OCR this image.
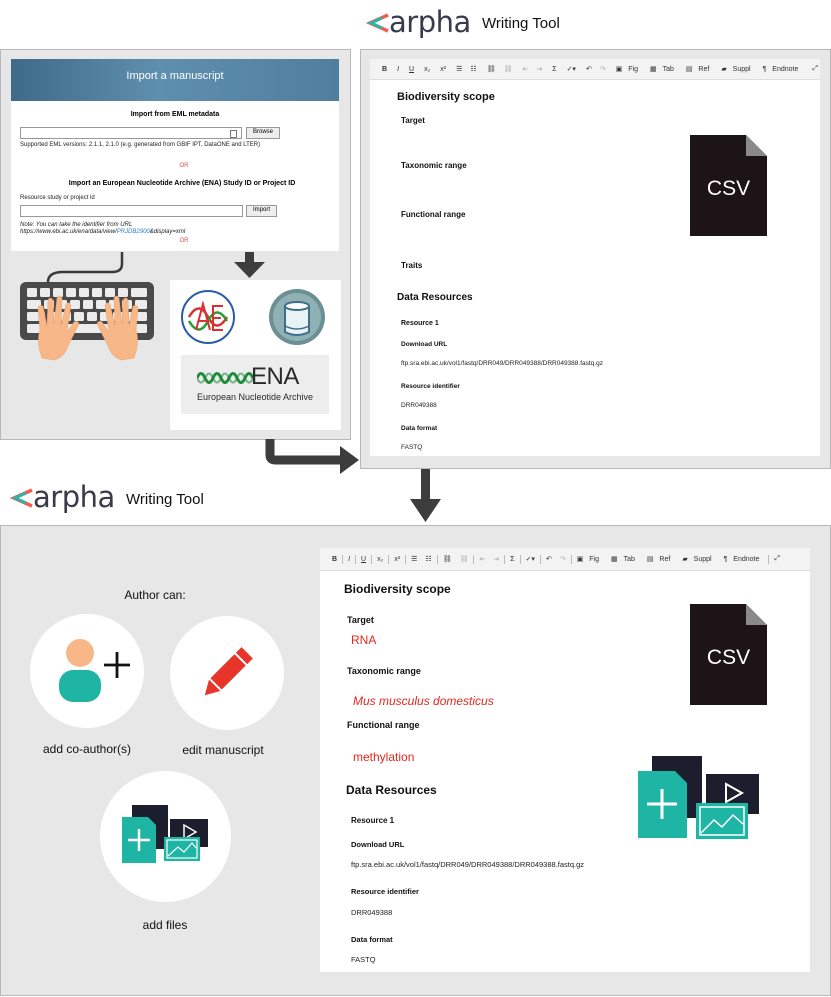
arpha Writing Tool
Import a manuscript
Import from EML metadata
Browse
Supported EML versions: 2.1.1, 2.1.0 (e.g. generated from GBIF IPT, DataONE and LTER)
OR
Import an European Nucleotide Archive (ENA) Study ID or Project ID
Resource study or project id
Import
Note: You can take the identifier from URL
https://www.ebi.ac.uk/ena/data/view/PRJDB2900&display=xml
OR
ENA
European Nucleotide Archive
B	I	U	x₂	x²	☰	☷	⛓	⛓	⇤	⇥	Σ	✓▾	↶	↷	▣ Fig	▦ Tab	▤ Ref	▰ Suppl	¶ Endnote	⤢
Biodiversity scope
Target
Taxonomic range
Functional range
Traits
Data Resources
Resource 1
Download URL
ftp.sra.ebi.ac.uk/vol1/fastq/DRR049/DRR049388/DRR049388.fastq.gz
Resource identifier
DRR049388
Data format
FASTQ
CSV
arpha Writing Tool
Author can:
add co-author(s)	edit manuscript
add files
B	I	U	x₂	x²	☰	☷	⛓	⛓	⇤	⇥	Σ	✓▾	↶	↷	▣ Fig	▦ Tab	▤ Ref	▰ Suppl	¶ Endnote	⤢
Biodiversity scope
Target
RNA
Taxonomic range
Mus musculus domesticus
Functional range
methylation
Data Resources
Resource 1
Download URL
ftp.sra.ebi.ac.uk/vol1/fastq/DRR049/DRR049388/DRR049388.fastq.gz
Resource identifier
DRR049388
Data format
FASTQ
CSV
